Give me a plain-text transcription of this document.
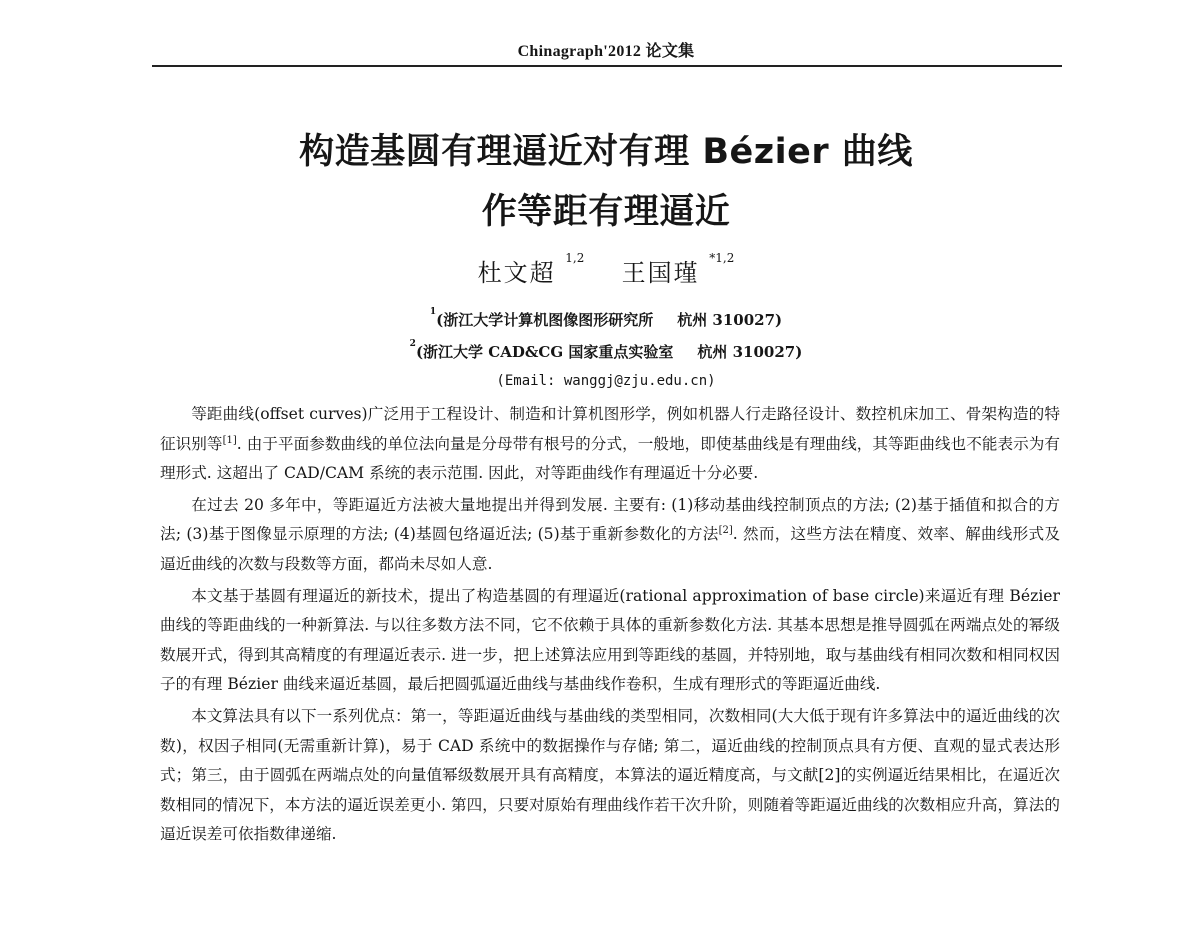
Chinagraph'2012 论文集
构造基圆有理逼近对有理 Bézier 曲线
作等距有理逼近
杜文超 $^{1,2}$  王国瑾 $^{*1,2}$
$^1$(浙江大学计算机图像图形研究所 杭州 310027)
$^2$(浙江大学 CAD&CG 国家重点实验室 杭州 310027)
(Email: wanggj@zju.edu.cn)

等距曲线(offset curves)广泛用于工程设计、制造和计算机图形学，例如机器人行走路径设计、数控机床加工、骨架构造的特征识别等[1]. 由于平面参数曲线的单位法向量是分母带有根号的分式，一般地，即使基曲线是有理曲线，其等距曲线也不能表示为有理形式. 这超出了 CAD/CAM 系统的表示范围. 因此，对等距曲线作有理逼近十分必要.

在过去 20 多年中，等距逼近方法被大量地提出并得到发展. 主要有: (1)移动基曲线控制顶点的方法; (2)基于插值和拟合的方法; (3)基于图像显示原理的方法; (4)基圆包络逼近法; (5)基于重新参数化的方法[2]. 然而，这些方法在精度、效率、解曲线形式及逼近曲线的次数与段数等方面，都尚未尽如人意.

本文基于基圆有理逼近的新技术，提出了构造基圆的有理逼近(rational approximation of base circle)来逼近有理 Bézier 曲线的等距曲线的一种新算法. 与以往多数方法不同，它不依赖于具体的重新参数化方法. 其基本思想是推导圆弧在两端点处的幂级数展开式，得到其高精度的有理逼近表示. 进一步，把上述算法应用到等距线的基圆，并特别地，取与基曲线有相同次数和相同权因子的有理 Bézier 曲线来逼近基圆，最后把圆弧逼近曲线与基曲线作卷积，生成有理形式的等距逼近曲线.

本文算法具有以下一系列优点：第一，等距逼近曲线与基曲线的类型相同，次数相同(大大低于现有许多算法中的逼近曲线的次数)，权因子相同(无需重新计算)，易于 CAD 系统中的数据操作与存储; 第二，逼近曲线的控制顶点具有方便、直观的显式表达形式；第三，由于圆弧在两端点处的向量值幂级数展开具有高精度，本算法的逼近精度高，与文献[2]的实例逼近结果相比，在逼近次数相同的情况下，本方法的逼近误差更小. 第四，只要对原始有理曲线作若干次升阶，则随着等距逼近曲线的次数相应升高，算法的逼近误差可依指数律递缩.
